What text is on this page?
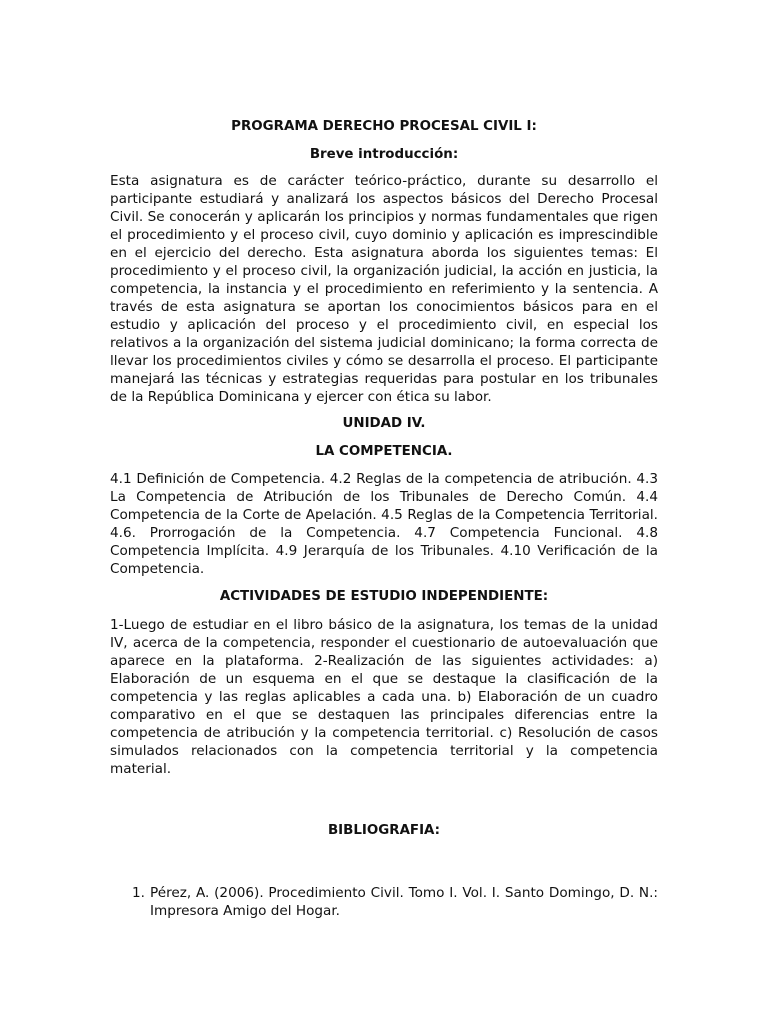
PROGRAMA DERECHO PROCESAL CIVIL I:

Breve introducción:

Esta asignatura es de carácter teórico-práctico, durante su desarrollo el participante estudiará y analizará los aspectos básicos del Derecho Procesal Civil. Se conocerán y aplicarán los principios y normas fundamentales que rigen el procedimiento y el proceso civil, cuyo dominio y aplicación es imprescindible en el ejercicio del derecho. Esta asignatura aborda los siguientes temas: El procedimiento y el proceso civil, la organización judicial, la acción en justicia, la competencia, la instancia y el procedimiento en referimiento y la sentencia. A través de esta asignatura se aportan los conocimientos básicos para en el estudio y aplicación del proceso y el procedimiento civil, en especial los relativos a la organización del sistema judicial dominicano; la forma correcta de llevar los procedimientos civiles y cómo se desarrolla el proceso. El participante manejará las técnicas y estrategias requeridas para postular en los tribunales de la República Dominicana y ejercer con ética su labor.

UNIDAD IV.

LA COMPETENCIA.

4.1 Definición de Competencia. 4.2 Reglas de la competencia de atribución. 4.3 La Competencia de Atribución de los Tribunales de Derecho Común. 4.4 Competencia de la Corte de Apelación. 4.5 Reglas de la Competencia Territorial. 4.6. Prorrogación de la Competencia. 4.7 Competencia Funcional. 4.8 Competencia Implícita. 4.9 Jerarquía de los Tribunales. 4.10 Verificación de la Competencia.

ACTIVIDADES DE ESTUDIO INDEPENDIENTE:

1-Luego de estudiar en el libro básico de la asignatura, los temas de la unidad IV, acerca de la competencia, responder el cuestionario de autoevaluación que aparece en la plataforma. 2-Realización de las siguientes actividades: a) Elaboración de un esquema en el que se destaque la clasificación de la competencia y las reglas aplicables a cada una. b) Elaboración de un cuadro comparativo en el que se destaquen las principales diferencias entre la competencia de atribución y la competencia territorial. c) Resolución de casos simulados relacionados con la competencia territorial y la competencia material.

BIBLIOGRAFIA:

1. Pérez, A. (2006). Procedimiento Civil. Tomo I. Vol. I. Santo Domingo, D. N.: Impresora Amigo del Hogar.
